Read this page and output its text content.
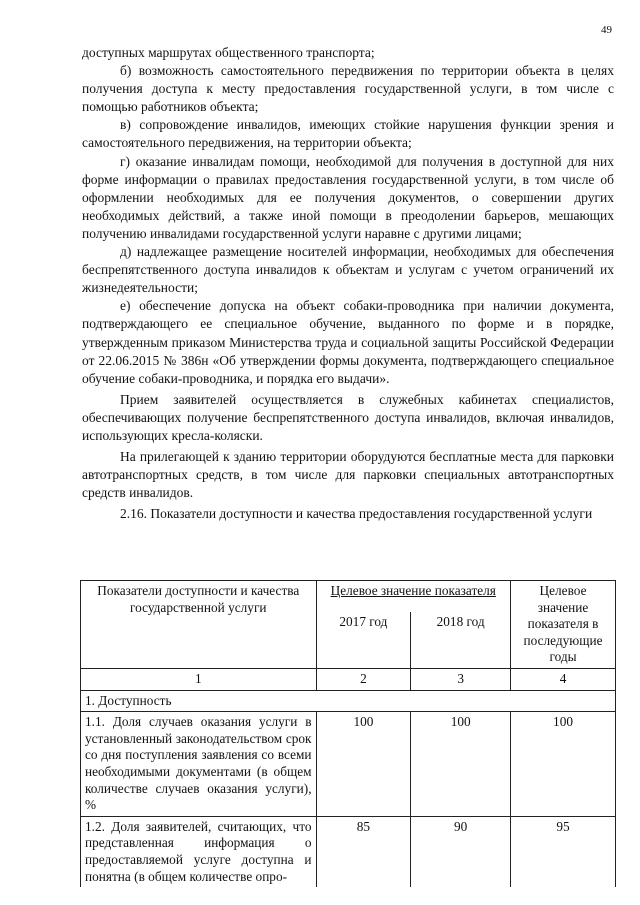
49

доступных маршрутах общественного транспорта;

б) возможность самостоятельного передвижения по территории объекта в целях получения доступа к месту предоставления государственной услуги, в том числе с помощью работников объекта;

в) сопровождение инвалидов, имеющих стойкие нарушения функции зрения и самостоятельного передвижения, на территории объекта;

г) оказание инвалидам помощи, необходимой для получения в доступной для них форме информации о правилах предоставления государственной услуги, в том числе об оформлении необходимых для ее получения документов, о совершении других необходимых действий, а также иной помощи в преодолении барьеров, мешающих получению инвалидами государственной услуги наравне с другими лицами;

д) надлежащее размещение носителей информации, необходимых для обеспечения беспрепятственного доступа инвалидов к объектам и услугам с учетом ограничений их жизнедеятельности;

е) обеспечение допуска на объект собаки-проводника при наличии документа, подтверждающего ее специальное обучение, выданного по форме и в порядке, утвержденным приказом Министерства труда и социальной защиты Российской Федерации от 22.06.2015 № 386н «Об утверждении формы документа, подтверждающего специальное обучение собаки-проводника, и порядка его выдачи».

Прием заявителей осуществляется в служебных кабинетах специалистов, обеспечивающих получение беспрепятственного доступа инвалидов, включая инвалидов, использующих кресла-коляски.

На прилегающей к зданию территории оборудуются бесплатные места для парковки автотранспортных средств, в том числе для парковки специальных автотранспортных средств инвалидов.

2.16. Показатели доступности и качества предоставления государственной услуги

Показатели доступности и качества государственной услуги	Целевое значение показателя		Целевое значение показателя в последующие годы
	2017 год	2018 год	
1	2	3	4
1. Доступность			
1.1. Доля случаев оказания услуги в установленный законодательством срок со дня поступления заявления со всеми необходимыми документами (в общем количестве случаев оказания услуги), %	100	100	100
1.2. Доля заявителей, считающих, что представленная информация о предоставляемой услуге доступна и понятна (в общем количестве опро-	85	90	95
